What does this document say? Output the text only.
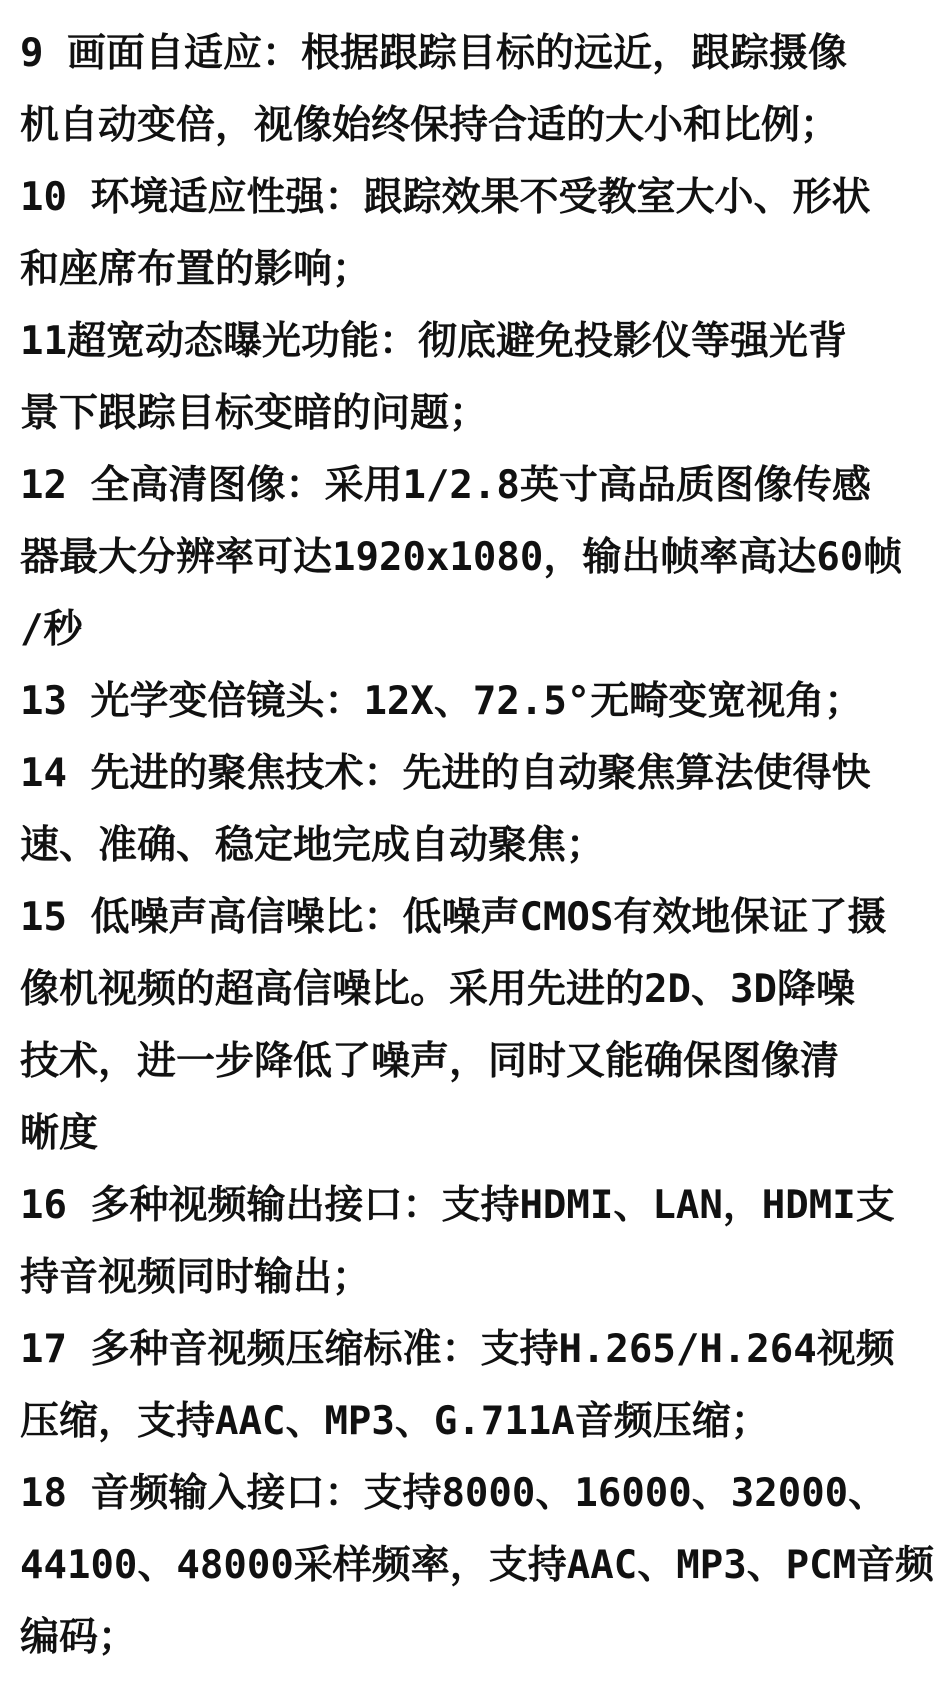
9 画面自适应：根据跟踪目标的远近，跟踪摄像
机自动变倍，视像始终保持合适的大小和比例；
10 环境适应性强：跟踪效果不受教室大小、形状
和座席布置的影响；
11超宽动态曝光功能：彻底避免投影仪等强光背
景下跟踪目标变暗的问题；
12 全高清图像：采用1/2.8英寸高品质图像传感
器最大分辨率可达1920x1080，输出帧率高达60帧
/秒
13 光学变倍镜头：12X、72.5°无畸变宽视角；
14 先进的聚焦技术：先进的自动聚焦算法使得快
速、准确、稳定地完成自动聚焦；
15 低噪声高信噪比：低噪声CMOS有效地保证了摄
像机视频的超高信噪比。采用先进的2D、3D降噪
技术，进一步降低了噪声，同时又能确保图像清
晰度
16 多种视频输出接口：支持HDMI、LAN，HDMI支
持音视频同时输出；
17 多种音视频压缩标准：支持H.265/H.264视频
压缩，支持AAC、MP3、G.711A音频压缩；
18 音频输入接口：支持8000、16000、32000、
44100、48000采样频率，支持AAC、MP3、PCM音频
编码；
